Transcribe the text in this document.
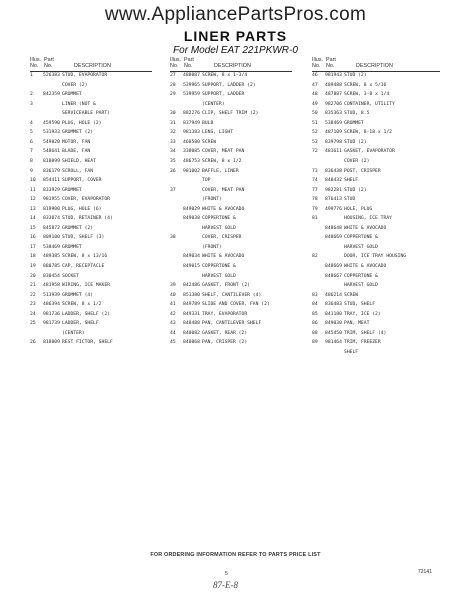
www.AppliancePartsPros.com
LINER PARTS
For Model EAT 221PKWR-0
Illus. Part
No. No.	DESCRIPTION
1 526383 STUD, EVAPORATOR
COVER (2)
2 842359 GROMMET
3	LINER (NOT &
SERVICEABLE PART)
4 459590 PLUG, HOLE (2)
5 531933 GROMMET (2)
6 549820 MOTOR, FAN
7 548641 BLADE, FAN
8 810099 SHIELD, HEAT
9 836179 SCROLL, FAN
10 854411 SUPPORT, COVER
11 833929 GROMMET
12 981955 COVER, EVAPORATOR
13 819900 PLUG, HOLE (6)
14 833074 STUD, RETAINER (4)
15 845872 GROMMET (2)
16 809100 STUD, SHELF (3)
17 538469 GROMMET
18 489385 SCREW, 8 x 13/16
19 880785 CAP, RECEPTACLE
20 830454 SOCKET
21 481958 WIRING, ICE MAKER
22 513939 GROMMET (4)
23 486394 SCREW, 8 x 1/2
24 981736 LADDER, SHELF (2)
25 981739 LADDER, SHELF
(CENTER)
26 818809 REST FICTOR, SHELF
Illus. Part
No. No.	DESCRIPTION
27 488087 SCREW, 8 x 1-3/4
28 539965 SUPPORT, LADDER (2)
29 539959 SUPPORT, LADDER
(CENTER)
30 882276 CLIP, SHELF TRIM (2)
31 837949 BULB
32 981383 LENS, LIGHT
33 468580 SCREW
34 338085 COVER, MEAT PAN
35 486753 SCREW, 8 x 1/2
36 981002 BAFFLE, LINER
TOP
37	COVER, MEAT PAN
(FRONT)
849029 WHITE & AVOCADO
849038 COPPERTONE &
HARVEST GOLD
38	COVER, CRISPER
(FRONT)
849034 WHITE & AVOCADO
849015 COPPERTONE &
HARVEST GOLD
39 842486 GASKET, FRONT (2)
40 851380 SHELF, CANTILEVER (4)
41 849789 SLIDE AND COVER, FAN (2)
42 849331 TRAY, EVAPORATOR
43 848488 PAN, CANTILEVER SHELF
44 840082 GASKET, REAR (2)
45 840068 PAN, CRISPER (2)
Illus. Part
No. No.	DESCRIPTION
46 981943 STUD (2)
47 489488 SCREW, 8 x 5/16
48 487887 SCREW, 3-8 x 1/4
49 982706 CONTAINER, UTILITY
50 835363 STUD, 8.5
51 538469 GROMMET
52 487109 SCREW, 8-18 x 1/2
53 839798 STUD (2)
72 481611 GASKET, EVAPORATOR
COVER (2)
73 836438 POST, CRISPER
74 848432 SHELF
77 982281 STUD (2)
78 876413 STUD
79 499776 HOLE, PLUG
81	HOUSING, ICE TRAY
848648 WHITE & AVOCADO
848669 COPPERTONE &
HARVEST GOLD
82	DOOR, ICE TRAY HOUSING
848669 WHITE & AVOCADO
848667 COPPERTONE &
HARVEST GOLD
83 486214 SCREW
84 836483 STUD, SHELF
85 841180 TRAY, ICE (2)
86 849030 PAN, MEAT
88 845450 TRIM, SHELF (4)
89 981464 TRIM, FREEZER
SHELF
FOR ORDERING INFORMATION REFER TO PARTS PRICE LIST
5	72141
87-E-8
